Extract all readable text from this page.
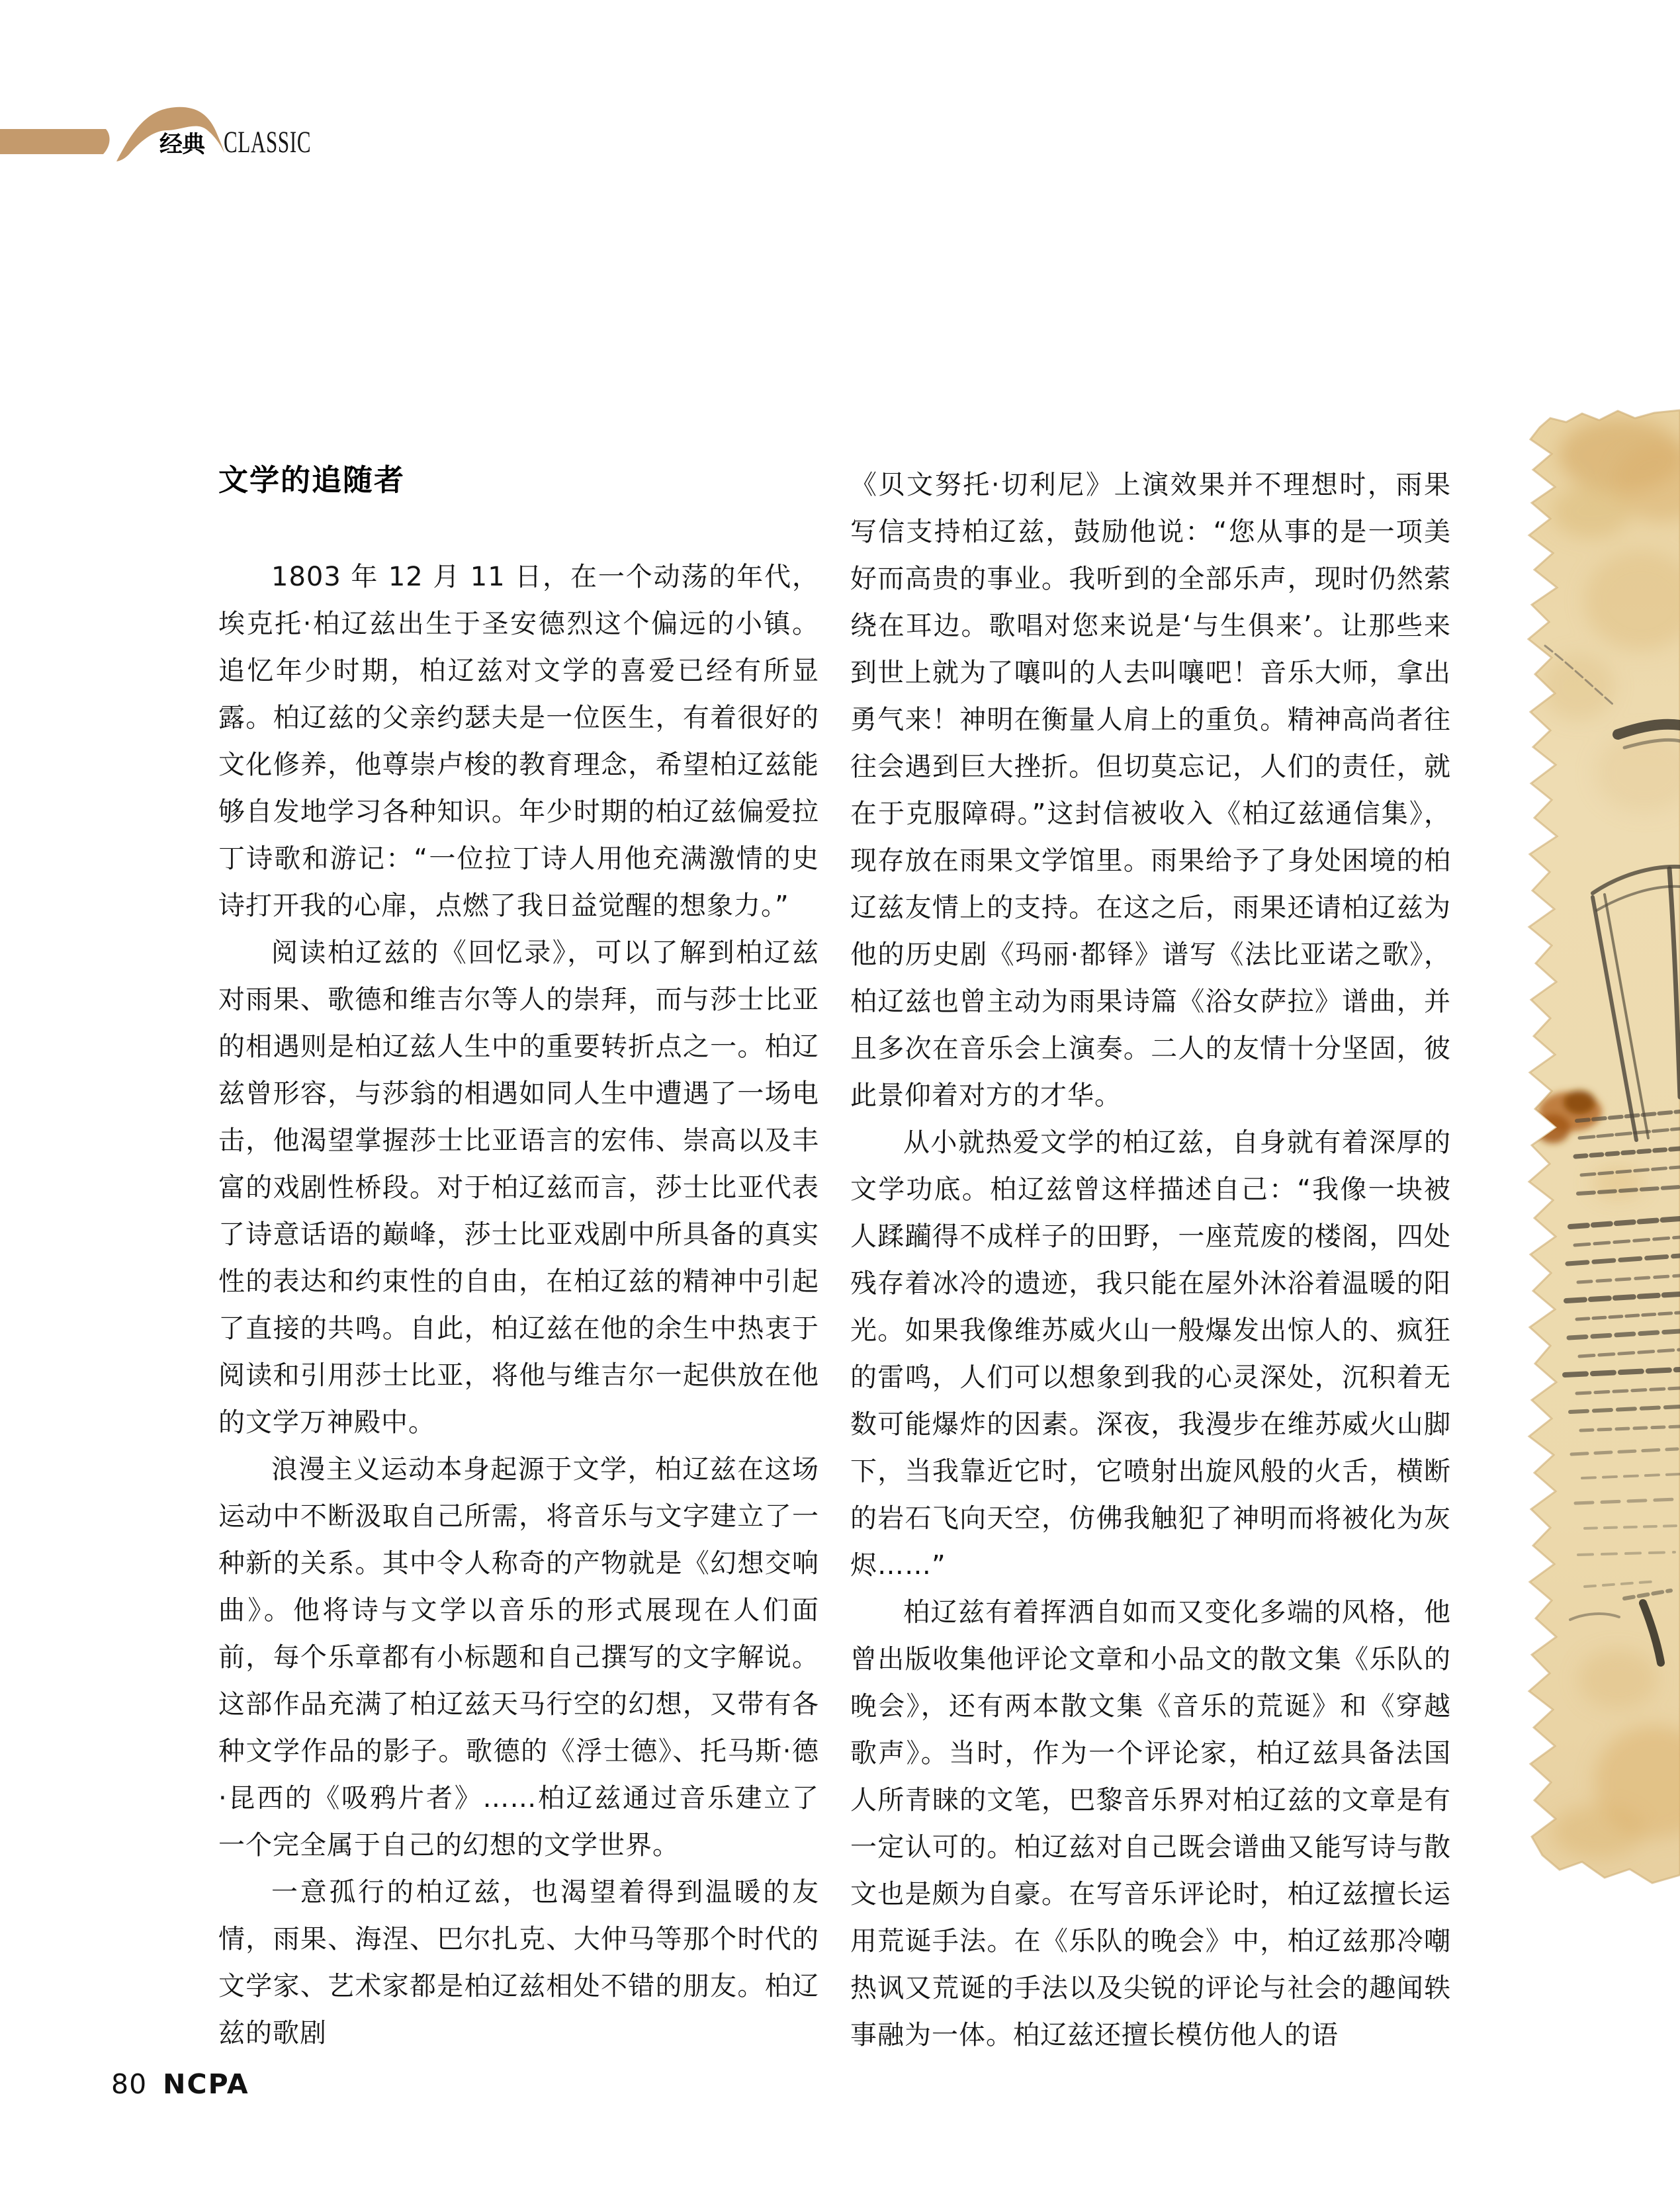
经典 CLASSIC
文学的追随者

1803 年 12 月 11 日，在一个动荡的年代，埃克托·柏辽兹出生于圣安德烈这个偏远的小镇。追忆年少时期，柏辽兹对文学的喜爱已经有所显露。柏辽兹的父亲约瑟夫是一位医生，有着很好的文化修养，他尊崇卢梭的教育理念，希望柏辽兹能够自发地学习各种知识。年少时期的柏辽兹偏爱拉丁诗歌和游记：“一位拉丁诗人用他充满激情的史诗打开我的心扉，点燃了我日益觉醒的想象力。”

阅读柏辽兹的《回忆录》，可以了解到柏辽兹对雨果、歌德和维吉尔等人的崇拜，而与莎士比亚的相遇则是柏辽兹人生中的重要转折点之一。柏辽兹曾形容，与莎翁的相遇如同人生中遭遇了一场电击，他渴望掌握莎士比亚语言的宏伟、崇高以及丰富的戏剧性桥段。对于柏辽兹而言，莎士比亚代表了诗意话语的巅峰，莎士比亚戏剧中所具备的真实性的表达和约束性的自由，在柏辽兹的精神中引起了直接的共鸣。自此，柏辽兹在他的余生中热衷于阅读和引用莎士比亚，将他与维吉尔一起供放在他的文学万神殿中。

浪漫主义运动本身起源于文学，柏辽兹在这场运动中不断汲取自己所需，将音乐与文字建立了一种新的关系。其中令人称奇的产物就是《幻想交响曲》。他将诗与文学以音乐的形式展现在人们面前，每个乐章都有小标题和自己撰写的文字解说。这部作品充满了柏辽兹天马行空的幻想，又带有各种文学作品的影子。歌德的《浮士德》、托马斯·德·昆西的《吸鸦片者》……柏辽兹通过音乐建立了一个完全属于自己的幻想的文学世界。

一意孤行的柏辽兹，也渴望着得到温暖的友情，雨果、海涅、巴尔扎克、大仲马等那个时代的文学家、艺术家都是柏辽兹相处不错的朋友。柏辽兹的歌剧

《贝文努托·切利尼》上演效果并不理想时，雨果写信支持柏辽兹，鼓励他说：“您从事的是一项美好而高贵的事业。我听到的全部乐声，现时仍然萦绕在耳边。歌唱对您来说是‘与生俱来’。让那些来到世上就为了嚷叫的人去叫嚷吧！音乐大师，拿出勇气来！神明在衡量人肩上的重负。精神高尚者往往会遇到巨大挫折。但切莫忘记，人们的责任，就在于克服障碍。”这封信被收入《柏辽兹通信集》，现存放在雨果文学馆里。雨果给予了身处困境的柏辽兹友情上的支持。在这之后，雨果还请柏辽兹为他的历史剧《玛丽·都铎》谱写《法比亚诺之歌》，柏辽兹也曾主动为雨果诗篇《浴女萨拉》谱曲，并且多次在音乐会上演奏。二人的友情十分坚固，彼此景仰着对方的才华。

从小就热爱文学的柏辽兹，自身就有着深厚的文学功底。柏辽兹曾这样描述自己：“我像一块被人蹂躏得不成样子的田野，一座荒废的楼阁，四处残存着冰冷的遗迹，我只能在屋外沐浴着温暖的阳光。如果我像维苏威火山一般爆发出惊人的、疯狂的雷鸣，人们可以想象到我的心灵深处，沉积着无数可能爆炸的因素。深夜，我漫步在维苏威火山脚下，当我靠近它时，它喷射出旋风般的火舌，横断的岩石飞向天空，仿佛我触犯了神明而将被化为灰烬……”

柏辽兹有着挥洒自如而又变化多端的风格，他曾出版收集他评论文章和小品文的散文集《乐队的晚会》，还有两本散文集《音乐的荒诞》和《穿越歌声》。当时，作为一个评论家，柏辽兹具备法国人所青睐的文笔，巴黎音乐界对柏辽兹的文章是有一定认可的。柏辽兹对自己既会谱曲又能写诗与散文也是颇为自豪。在写音乐评论时，柏辽兹擅长运用荒诞手法。在《乐队的晚会》中，柏辽兹那冷嘲热讽又荒诞的手法以及尖锐的评论与社会的趣闻轶事融为一体。柏辽兹还擅长模仿他人的语

80 NCPA
